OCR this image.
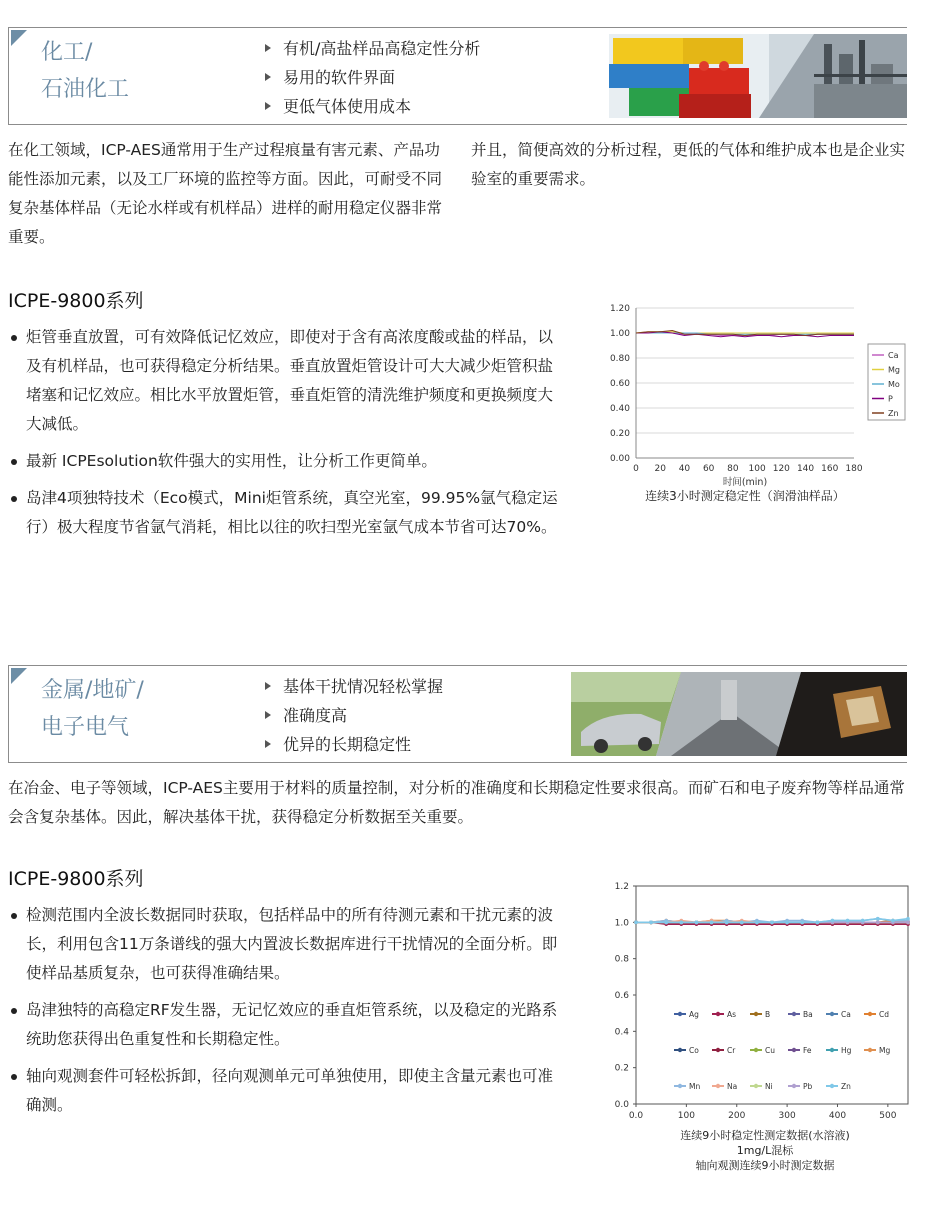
化工/
石油化工
有机/高盐样品高稳定性分析
易用的软件界面
更低气体使用成本
在化工领域，ICP-AES通常用于生产过程痕量有害元素、产品功能性添加元素，以及工厂环境的监控等方面。因此，可耐受不同复杂基体样品（无论水样或有机样品）进样的耐用稳定仪器非常重要。
并且，简便高效的分析过程，更低的气体和维护成本也是企业实验室的重要需求。
ICPE-9800系列
炬管垂直放置，可有效降低记忆效应，即使对于含有高浓度酸或盐的样品，以及有机样品，也可获得稳定分析结果。垂直放置炬管设计可大大减少炬管积盐堵塞和记忆效应。相比水平放置炬管，垂直炬管的清洗维护频度和更换频度大大减低。
最新 ICPEsolution软件强大的实用性，让分析工作更简单。
岛津4项独特技术（Eco模式，Mini炬管系统，真空光室，99.95%氩气稳定运行）极大程度节省氩气消耗，相比以往的吹扫型光室氩气成本节省可达70%。
0.00
0.20
0.40
0.60
0.80
1.00
1.20
0 20 40 60 80 100 120 140 160 180
时间(min)
Ca
Mg
Mo
P
Zn
连续3小时测定稳定性（润滑油样品）
金属/地矿/
电子电气
基体干扰情况轻松掌握
准确度高
优异的长期稳定性
在冶金、电子等领域，ICP-AES主要用于材料的质量控制，对分析的准确度和长期稳定性要求很高。而矿石和电子废弃物等样品通常会含复杂基体。因此，解决基体干扰，获得稳定分析数据至关重要。
ICPE-9800系列
检测范围内全波长数据同时获取，包括样品中的所有待测元素和干扰元素的波长，利用包含11万条谱线的强大内置波长数据库进行干扰情况的全面分析。即使样品基质复杂，也可获得准确结果。
岛津独特的高稳定RF发生器，无记忆效应的垂直炬管系统，以及稳定的光路系统助您获得出色重复性和长期稳定性。
轴向观测套件可轻松拆卸，径向观测单元可单独使用，即使主含量元素也可准确测。	0.0
0.2
0.4
0.6
0.8
1.0
1.2
0.0	100	200	300	400	500
Ag	As	B	Ba	Ca	Cd
Co	Cr	Cu	Fe	Hg	Mg
Mn	Na	Ni	Pb	Zn
连续9小时稳定性测定数据(水溶液)
1mg/L混标
轴向观测连续9小时测定数据
